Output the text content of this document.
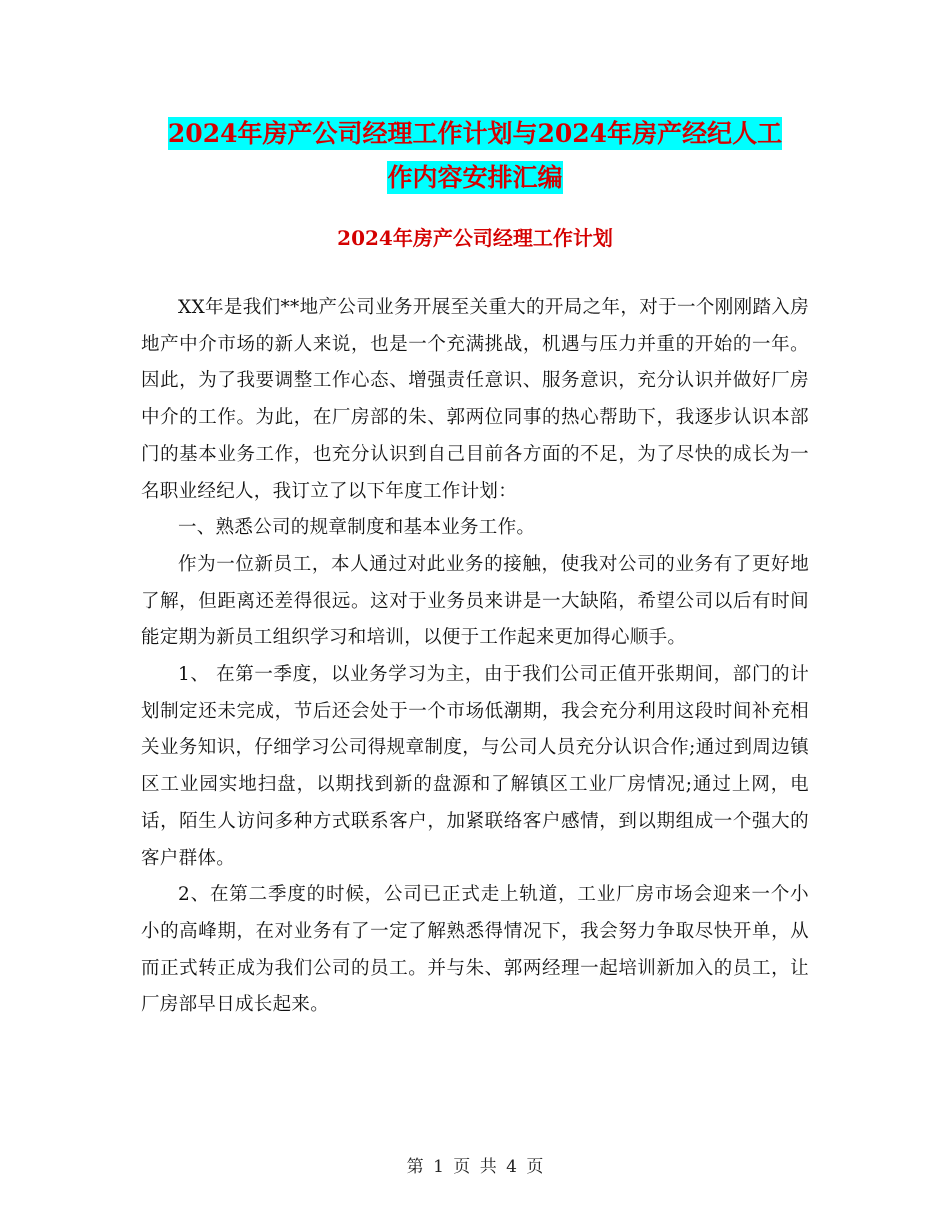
2024年房产公司经理工作计划与2024年房产经纪人工
作内容安排汇编
2024年房产公司经理工作计划

XX年是我们**地产公司业务开展至关重大的开局之年，对于一个刚刚踏入房地产中介市场的新人来说，也是一个充满挑战，机遇与压力并重的开始的一年。因此，为了我要调整工作心态、增强责任意识、服务意识，充分认识并做好厂房中介的工作。为此，在厂房部的朱、郭两位同事的热心帮助下，我逐步认识本部门的基本业务工作，也充分认识到自己目前各方面的不足，为了尽快的成长为一名职业经纪人，我订立了以下年度工作计划：

一、熟悉公司的规章制度和基本业务工作。

作为一位新员工，本人通过对此业务的接触，使我对公司的业务有了更好地了解，但距离还差得很远。这对于业务员来讲是一大缺陷，希望公司以后有时间能定期为新员工组织学习和培训，以便于工作起来更加得心顺手。

1、 在第一季度，以业务学习为主，由于我们公司正值开张期间，部门的计划制定还未完成，节后还会处于一个市场低潮期，我会充分利用这段时间补充相关业务知识，仔细学习公司得规章制度，与公司人员充分认识合作;通过到周边镇区工业园实地扫盘，以期找到新的盘源和了解镇区工业厂房情况;通过上网，电话，陌生人访问多种方式联系客户，加紧联络客户感情，到以期组成一个强大的客户群体。

2、在第二季度的时候，公司已正式走上轨道，工业厂房市场会迎来一个小小的高峰期，在对业务有了一定了解熟悉得情况下，我会努力争取尽快开单，从而正式转正成为我们公司的员工。并与朱、郭两经理一起培训新加入的员工，让厂房部早日成长起来。

第 1 页 共 4 页
